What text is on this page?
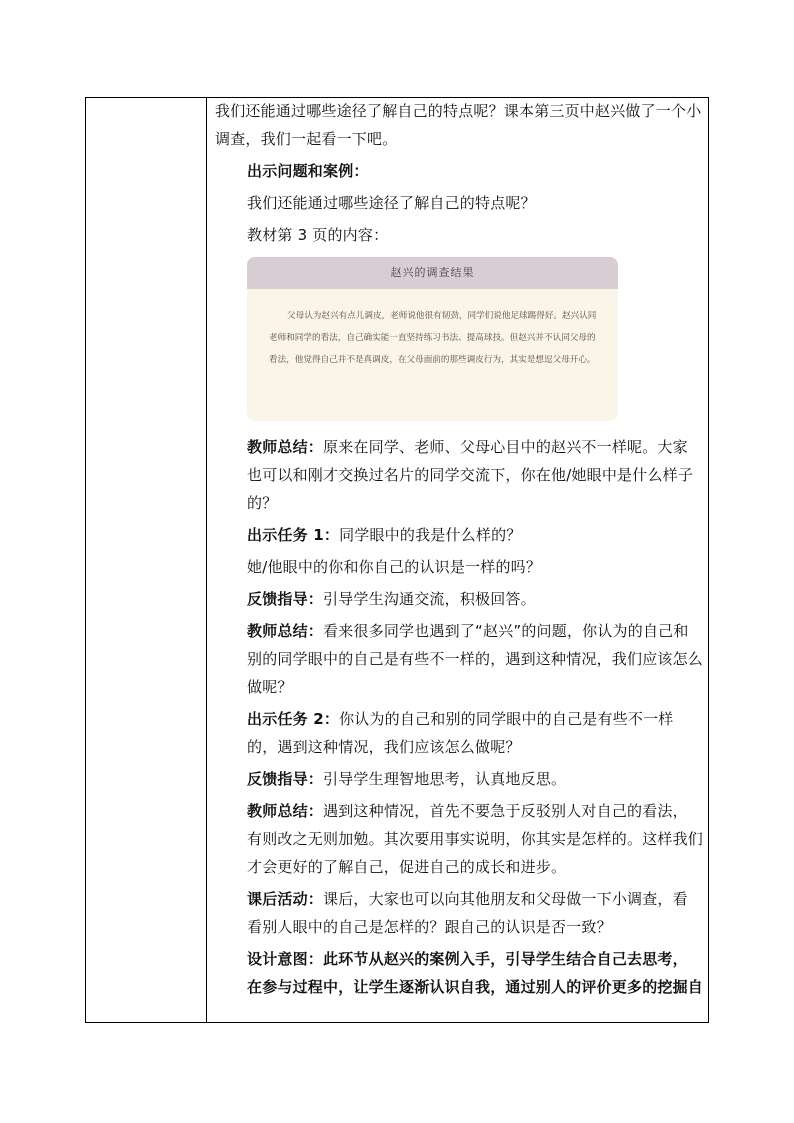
我们还能通过哪些途径了解自己的特点呢？课本第三页中赵兴做了一个小调查，我们一起看一下吧。

出示问题和案例：

我们还能通过哪些途径了解自己的特点呢？

教材第 3 页的内容：

赵兴的调查结果
父母认为赵兴有点儿调皮，老师说他很有韧劲，同学们说他足球踢得好。赵兴认同老师和同学的看法，自己确实能一直坚持练习书法、提高球技。但赵兴并不认同父母的看法，他觉得自己并不是真调皮，在父母面前的那些调皮行为，其实是想逗父母开心。

教师总结：原来在同学、老师、父母心目中的赵兴不一样呢。大家也可以和刚才交换过名片的同学交流下，你在他/她眼中是什么样子的？

出示任务 1：同学眼中的我是什么样的？

她/他眼中的你和你自己的认识是一样的吗？

反馈指导：引导学生沟通交流，积极回答。

教师总结：看来很多同学也遇到了“赵兴”的问题，你认为的自己和别的同学眼中的自己是有些不一样的，遇到这种情况，我们应该怎么做呢？

出示任务 2：你认为的自己和别的同学眼中的自己是有些不一样的，遇到这种情况，我们应该怎么做呢？

反馈指导：引导学生理智地思考，认真地反思。

教师总结：遇到这种情况，首先不要急于反驳别人对自己的看法，有则改之无则加勉。其次要用事实说明，你其实是怎样的。这样我们才会更好的了解自己，促进自己的成长和进步。

课后活动：课后，大家也可以向其他朋友和父母做一下小调查，看看别人眼中的自己是怎样的？跟自己的认识是否一致？

设计意图：此环节从赵兴的案例入手，引导学生结合自己去思考，在参与过程中，让学生逐渐认识自我，通过别人的评价更多的挖掘自
